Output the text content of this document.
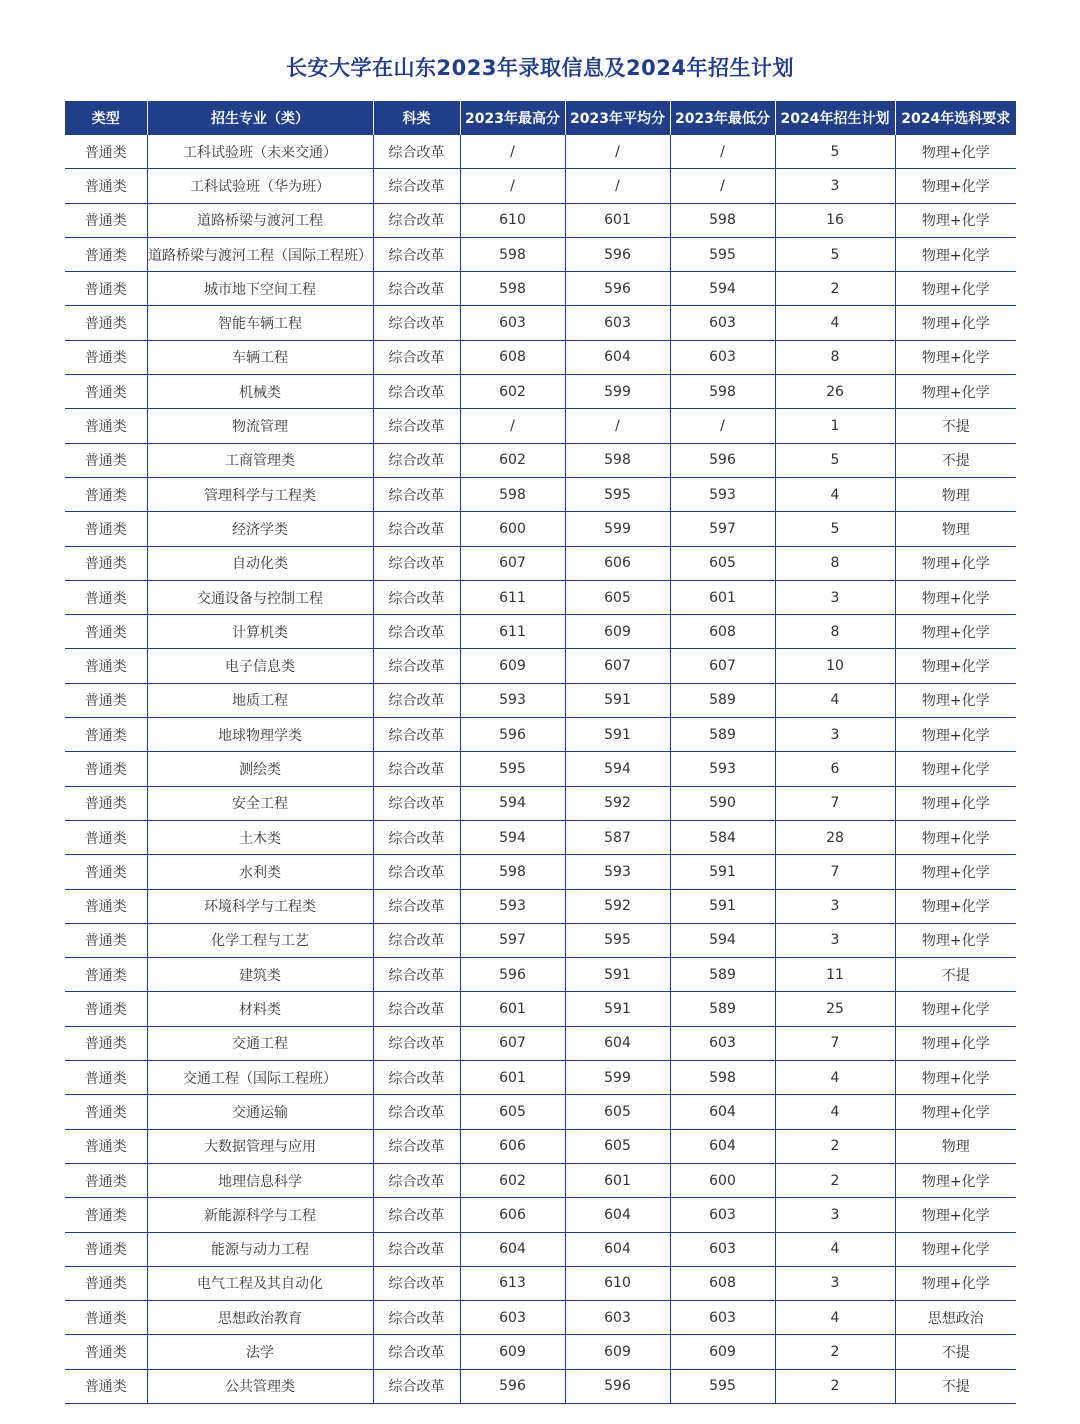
长安大学在山东2023年录取信息及2024年招生计划
类型	招生专业（类）	科类	2023年最高分	2023年平均分	2023年最低分	2024年招生计划	2024年选科要求
普通类	工科试验班（未来交通）	综合改革	/	/	/	5	物理+化学
普通类	工科试验班（华为班）	综合改革	/	/	/	3	物理+化学
普通类	道路桥梁与渡河工程	综合改革	610	601	598	16	物理+化学
普通类	道路桥梁与渡河工程（国际工程班）	综合改革	598	596	595	5	物理+化学
普通类	城市地下空间工程	综合改革	598	596	594	2	物理+化学
普通类	智能车辆工程	综合改革	603	603	603	4	物理+化学
普通类	车辆工程	综合改革	608	604	603	8	物理+化学
普通类	机械类	综合改革	602	599	598	26	物理+化学
普通类	物流管理	综合改革	/	/	/	1	不提
普通类	工商管理类	综合改革	602	598	596	5	不提
普通类	管理科学与工程类	综合改革	598	595	593	4	物理
普通类	经济学类	综合改革	600	599	597	5	物理
普通类	自动化类	综合改革	607	606	605	8	物理+化学
普通类	交通设备与控制工程	综合改革	611	605	601	3	物理+化学
普通类	计算机类	综合改革	611	609	608	8	物理+化学
普通类	电子信息类	综合改革	609	607	607	10	物理+化学
普通类	地质工程	综合改革	593	591	589	4	物理+化学
普通类	地球物理学类	综合改革	596	591	589	3	物理+化学
普通类	测绘类	综合改革	595	594	593	6	物理+化学
普通类	安全工程	综合改革	594	592	590	7	物理+化学
普通类	土木类	综合改革	594	587	584	28	物理+化学
普通类	水利类	综合改革	598	593	591	7	物理+化学
普通类	环境科学与工程类	综合改革	593	592	591	3	物理+化学
普通类	化学工程与工艺	综合改革	597	595	594	3	物理+化学
普通类	建筑类	综合改革	596	591	589	11	不提
普通类	材料类	综合改革	601	591	589	25	物理+化学
普通类	交通工程	综合改革	607	604	603	7	物理+化学
普通类	交通工程（国际工程班）	综合改革	601	599	598	4	物理+化学
普通类	交通运输	综合改革	605	605	604	4	物理+化学
普通类	大数据管理与应用	综合改革	606	605	604	2	物理
普通类	地理信息科学	综合改革	602	601	600	2	物理+化学
普通类	新能源科学与工程	综合改革	606	604	603	3	物理+化学
普通类	能源与动力工程	综合改革	604	604	603	4	物理+化学
普通类	电气工程及其自动化	综合改革	613	610	608	3	物理+化学
普通类	思想政治教育	综合改革	603	603	603	4	思想政治
普通类	法学	综合改革	609	609	609	2	不提
普通类	公共管理类	综合改革	596	596	595	2	不提
